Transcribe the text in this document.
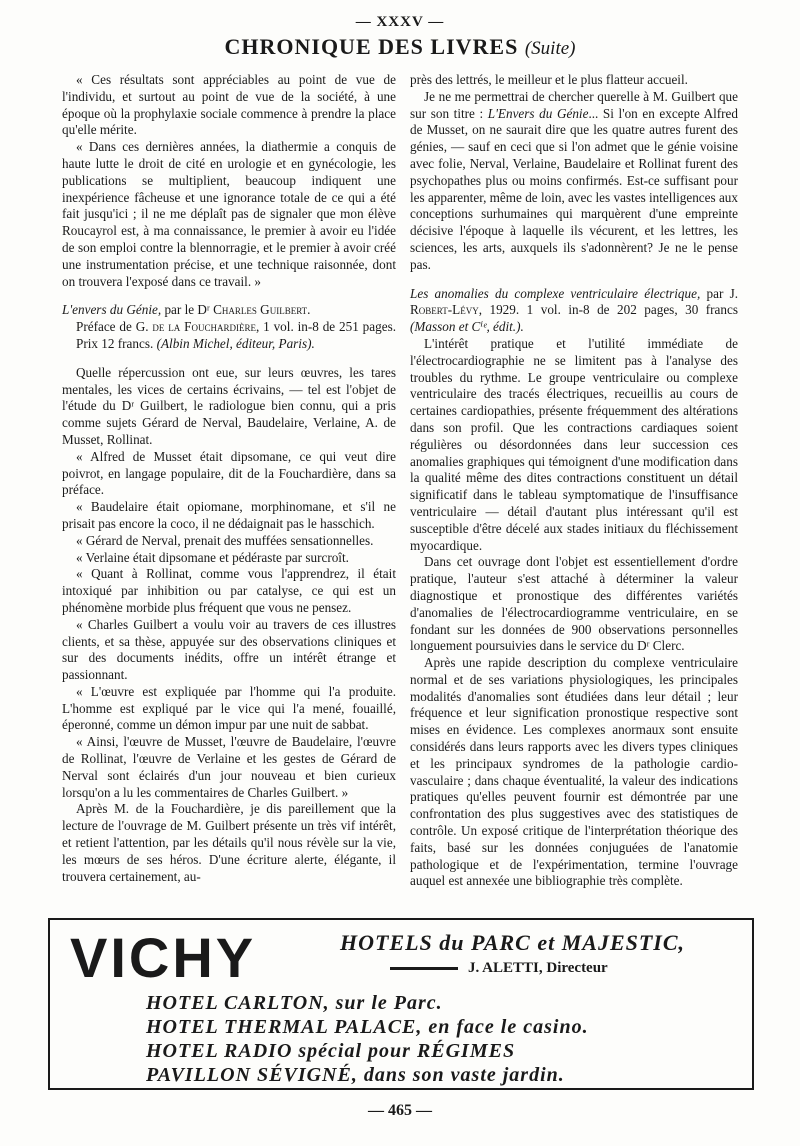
— XXXV —
CHRONIQUE DES LIVRES (Suite)

« Ces résultats sont appréciables au point de vue de l'individu, et surtout au point de vue de la société, à une époque où la prophylaxie sociale commence à prendre la place qu'elle mérite.

« Dans ces dernières années, la diathermie a conquis de haute lutte le droit de cité en urologie et en gynécologie, les publications se multiplient, beaucoup indiquent une inexpérience fâcheuse et une ignorance totale de ce qui a été fait jusqu'ici ; il ne me déplaît pas de signaler que mon élève Roucayrol est, à ma connaissance, le premier à avoir eu l'idée de son emploi contre la blennorragie, et le premier à avoir créé une instrumentation précise, et une technique raisonnée, dont on trouvera l'exposé dans ce travail. »

L'envers du Génie, par le Dʳ Charles Guilbert.

Préface de G. de la Fouchardière, 1 vol. in-8 de 251 pages. Prix 12 francs. (Albin Michel, éditeur, Paris).

Quelle répercussion ont eue, sur leurs œuvres, les tares mentales, les vices de certains écrivains, — tel est l'objet de l'étude du Dʳ Guilbert, le radiologue bien connu, qui a pris comme sujets Gérard de Nerval, Baudelaire, Verlaine, A. de Musset, Rollinat.

« Alfred de Musset était dipsomane, ce qui veut dire poivrot, en langage populaire, dit de la Fouchardière, dans sa préface.

« Baudelaire était opiomane, morphinomane, et s'il ne prisait pas encore la coco, il ne dédaignait pas le hasschich.

« Gérard de Nerval, prenait des muffées sensationnelles.

« Verlaine était dipsomane et pédéraste par surcroît.

« Quant à Rollinat, comme vous l'apprendrez, il était intoxiqué par inhibition ou par catalyse, ce qui est un phénomène morbide plus fréquent que vous ne pensez.

« Charles Guilbert a voulu voir au travers de ces illustres clients, et sa thèse, appuyée sur des observations cliniques et sur des documents inédits, offre un intérêt étrange et passionnant.

« L'œuvre est expliquée par l'homme qui l'a produite. L'homme est expliqué par le vice qui l'a mené, fouaillé, éperonné, comme un démon impur par une nuit de sabbat.

« Ainsi, l'œuvre de Musset, l'œuvre de Baudelaire, l'œuvre de Rollinat, l'œuvre de Verlaine et les gestes de Gérard de Nerval sont éclairés d'un jour nouveau et bien curieux lorsqu'on a lu les commentaires de Charles Guilbert. »

Après M. de la Fouchardière, je dis pareillement que la lecture de l'ouvrage de M. Guilbert présente un très vif intérêt, et retient l'attention, par les détails qu'il nous révèle sur la vie, les mœurs de ses héros. D'une écriture alerte, élégante, il trouvera certainement, au-

près des lettrés, le meilleur et le plus flatteur accueil.

Je ne me permettrai de chercher querelle à M. Guilbert que sur son titre : L'Envers du Génie... Si l'on en excepte Alfred de Musset, on ne saurait dire que les quatre autres furent des génies, — sauf en ceci que si l'on admet que le génie voisine avec folie, Nerval, Verlaine, Baudelaire et Rollinat furent des psychopathes plus ou moins confirmés. Est-ce suffisant pour les apparenter, même de loin, avec les vastes intelligences aux conceptions surhumaines qui marquèrent d'une empreinte décisive l'époque à laquelle ils vécurent, et les lettres, les sciences, les arts, auxquels ils s'adonnèrent? Je ne le pense pas.

Les anomalies du complexe ventriculaire électrique, par J. Robert-Lévy, 1929. 1 vol. in-8 de 202 pages, 30 francs (Masson et Cⁱᵉ, édit.).

L'intérêt pratique et l'utilité immédiate de l'électrocardiographie ne se limitent pas à l'analyse des troubles du rythme. Le groupe ventriculaire ou complexe ventriculaire des tracés électriques, recueillis au cours de certaines cardiopathies, présente fréquemment des altérations dans son profil. Que les contractions cardiaques soient régulières ou désordonnées dans leur succession ces anomalies graphiques qui témoignent d'une modification dans la qualité même des dites contractions constituent un détail significatif dans le tableau symptomatique de l'insuffisance ventriculaire — détail d'autant plus intéressant qu'il est susceptible d'être décelé aux stades initiaux du fléchissement myocardique.

Dans cet ouvrage dont l'objet est essentiellement d'ordre pratique, l'auteur s'est attaché à déterminer la valeur diagnostique et pronostique des différentes variétés d'anomalies de l'électrocardiogramme ventriculaire, en se fondant sur les données de 900 observations personnelles longuement poursuivies dans le service du Dʳ Clerc.

Après une rapide description du complexe ventriculaire normal et de ses variations physiologiques, les principales modalités d'anomalies sont étudiées dans leur détail ; leur fréquence et leur signification pronostique respective sont mises en évidence. Les complexes anormaux sont ensuite considérés dans leurs rapports avec les divers types cliniques et les principaux syndromes de la pathologie cardio-vasculaire ; dans chaque éventualité, la valeur des indications pratiques qu'elles peuvent fournir est démontrée par une confrontation des plus suggestives avec des statistiques de contrôle. Un exposé critique de l'interprétation théorique des faits, basé sur les données conjuguées de l'anatomie pathologique et de l'expérimentation, termine l'ouvrage auquel est annexée une bibliographie très complète.

VICHY	HOTELS du PARC et MAJESTIC,
J. ALETTI, Directeur
HOTEL CARLTON, sur le Parc.
HOTEL THERMAL PALACE, en face le casino.
HOTEL RADIO spécial pour RÉGIMES
PAVILLON SÉVIGNÉ, dans son vaste jardin.
— 465 —
